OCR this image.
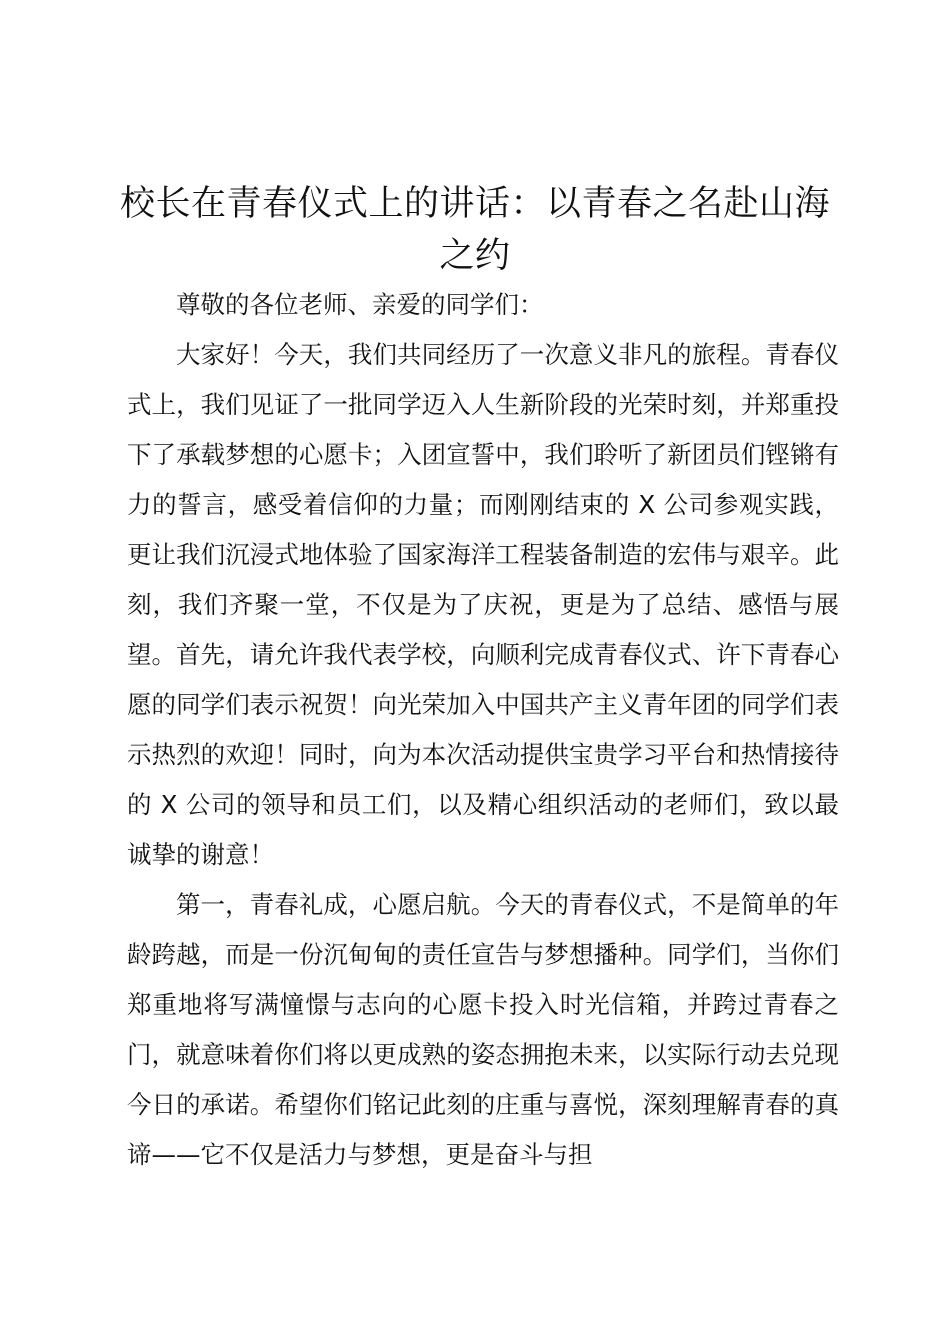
校长在青春仪式上的讲话：以青春之名赴山海之约

尊敬的各位老师、亲爱的同学们：

大家好！今天，我们共同经历了一次意义非凡的旅程。青春仪式上，我们见证了一批同学迈入人生新阶段的光荣时刻，并郑重投下了承载梦想的心愿卡；入团宣誓中，我们聆听了新团员们铿锵有力的誓言，感受着信仰的力量；而刚刚结束的 X 公司参观实践，更让我们沉浸式地体验了国家海洋工程装备制造的宏伟与艰辛。此刻，我们齐聚一堂，不仅是为了庆祝，更是为了总结、感悟与展望。首先，请允许我代表学校，向顺利完成青春仪式、许下青春心愿的同学们表示祝贺！向光荣加入中国共产主义青年团的同学们表示热烈的欢迎！同时，向为本次活动提供宝贵学习平台和热情接待的 X 公司的领导和员工们，以及精心组织活动的老师们，致以最诚挚的谢意！

第一，青春礼成，心愿启航。今天的青春仪式，不是简单的年龄跨越，而是一份沉甸甸的责任宣告与梦想播种。同学们，当你们郑重地将写满憧憬与志向的心愿卡投入时光信箱，并跨过青春之门，就意味着你们将以更成熟的姿态拥抱未来，以实际行动去兑现今日的承诺。希望你们铭记此刻的庄重与喜悦，深刻理解青春的真谛——它不仅是活力与梦想，更是奋斗与担
